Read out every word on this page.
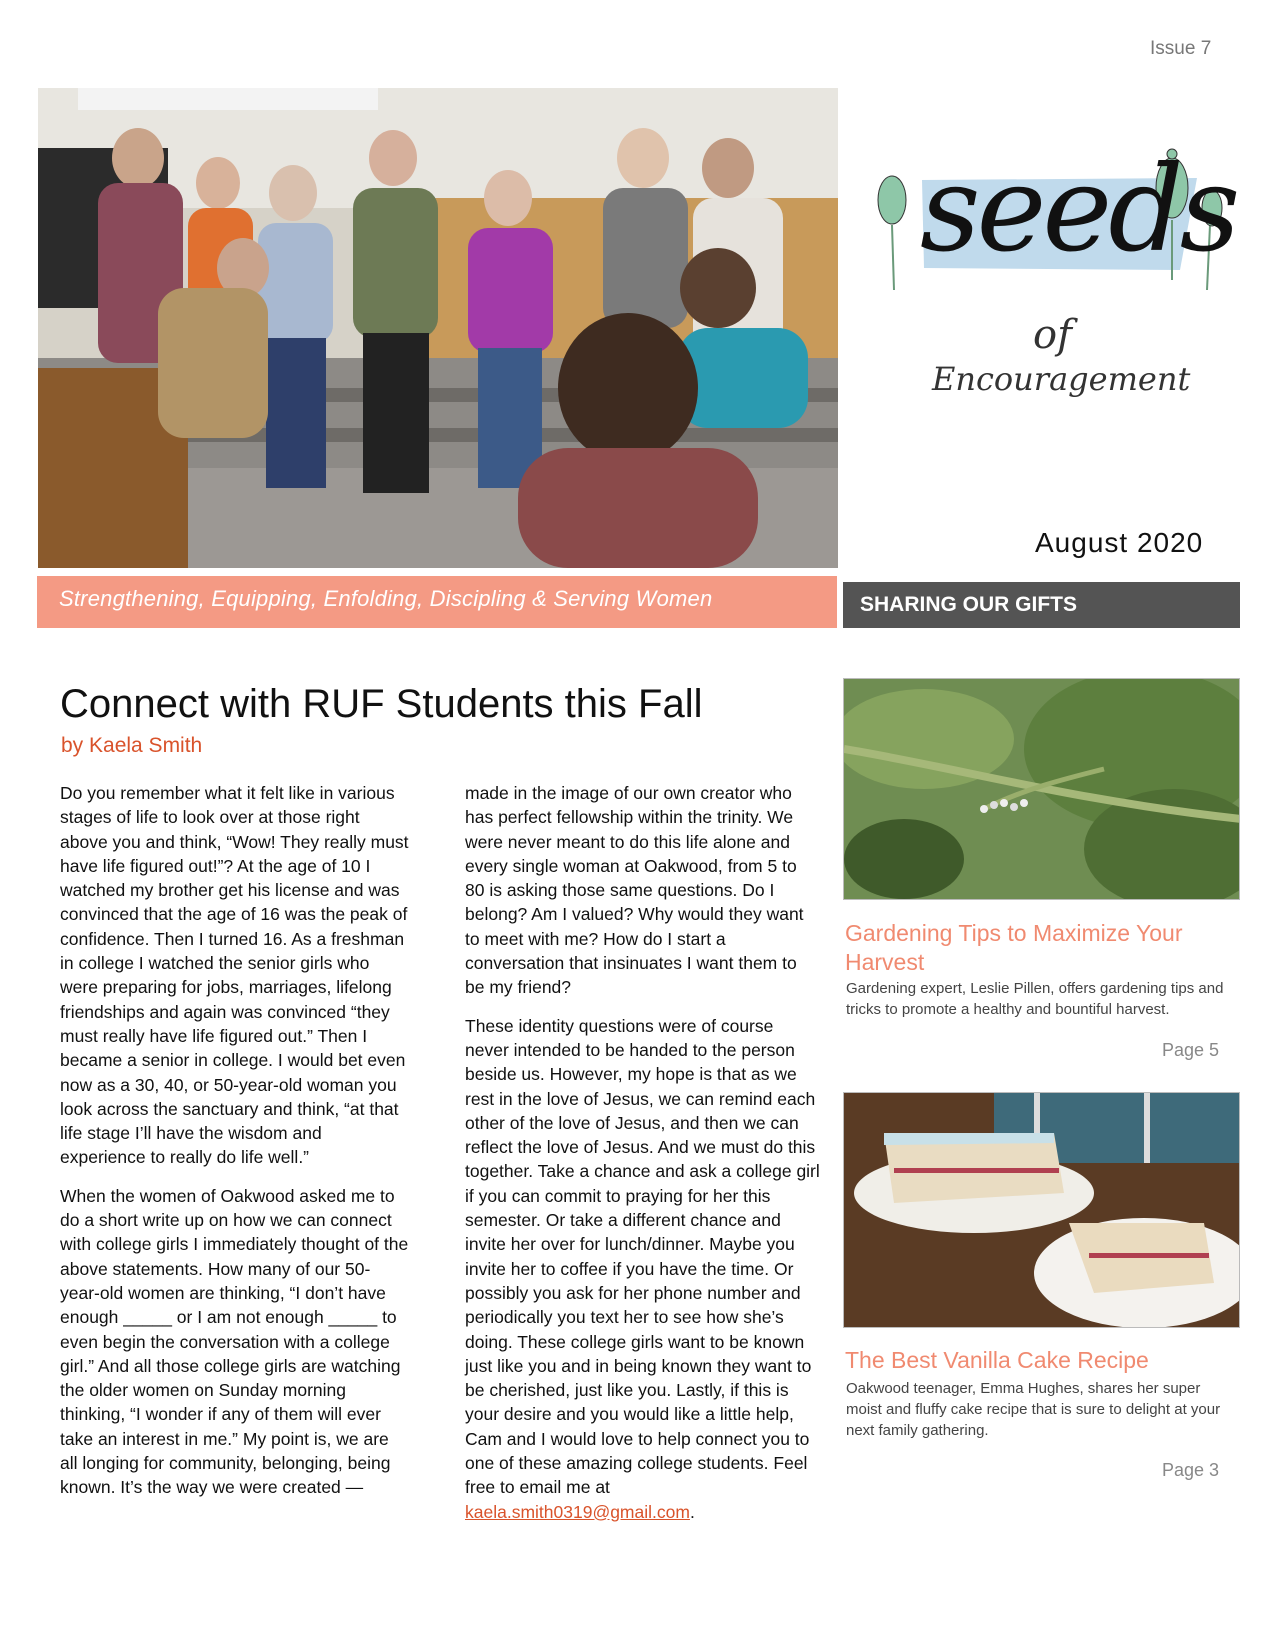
Issue 7
Strengthening, Equipping, Enfolding, Discipling & Serving Women
seeds
of
Encouragement
August 2020
SHARING OUR GIFTS
Connect with RUF Students this Fall
by Kaela Smith

Do you remember what it felt like in various stages of life to look over at those right above you and think, “Wow! They really must have life figured out!”? At the age of 10 I watched my brother get his license and was convinced that the age of 16 was the peak of confidence. Then I turned 16. As a freshman in college I watched the senior girls who were preparing for jobs, marriages, lifelong friendships and again was convinced “they must really have life figured out.” Then I became a senior in college. I would bet even now as a 30, 40, or 50-year-old woman you look across the sanctuary and think, “at that life stage I’ll have the wisdom and experience to really do life well.”

When the women of Oakwood asked me to do a short write up on how we can connect with college girls I immediately thought of the above statements. How many of our 50-year-old women are thinking, “I don’t have enough _____ or I am not enough _____ to even begin the conversation with a college girl.” And all those college girls are watching the older women on Sunday morning thinking, “I wonder if any of them will ever take an interest in me.” My point is, we are all longing for community, belonging, being known. It’s the way we were created —

made in the image of our own creator who has perfect fellowship within the trinity. We were never meant to do this life alone and every single woman at Oakwood, from 5 to 80 is asking those same questions. Do I belong? Am I valued? Why would they want to meet with me? How do I start a conversation that insinuates I want them to be my friend?

These identity questions were of course never intended to be handed to the person beside us. However, my hope is that as we rest in the love of Jesus, we can remind each other of the love of Jesus, and then we can reflect the love of Jesus. And we must do this together. Take a chance and ask a college girl if you can commit to praying for her this semester. Or take a different chance and invite her over for lunch/dinner. Maybe you invite her to coffee if you have the time. Or possibly you ask for her phone number and periodically you text her to see how she’s doing. These college girls want to be known just like you and in being known they want to be cherished, just like you. Lastly, if this is your desire and you would like a little help, Cam and I would love to help connect you to one of these amazing college students. Feel free to email me at kaela.smith0319@gmail.com.

Gardening Tips to Maximize Your Harvest
Gardening expert, Leslie Pillen, offers gardening tips and tricks to promote a healthy and bountiful harvest.
Page 5
The Best Vanilla Cake Recipe
Oakwood teenager, Emma Hughes, shares her super moist and fluffy cake recipe that is sure to delight at your next family gathering.
Page 3
